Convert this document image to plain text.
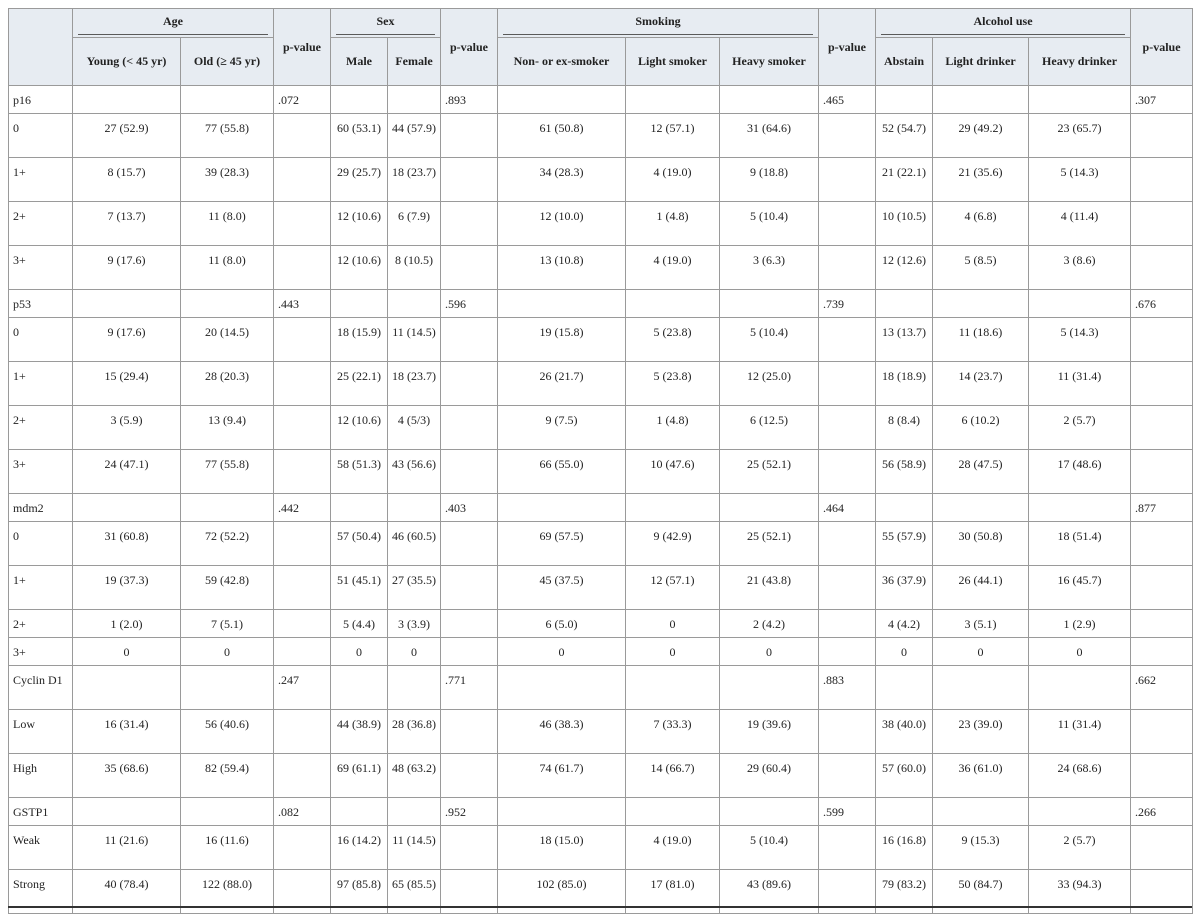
	Age		p-value	Sex		p-value	Smoking			p-value	Alcohol use			p-value
	Young (< 45 yr)	Old (≥ 45 yr)		Male	Female		Non- or ex-smoker	Light smoker	Heavy smoker		Abstain	Light drinker	Heavy drinker	
p16			.072			.893				.465				.307
0	27 (52.9)	77 (55.8)		60 (53.1)	44 (57.9)		61 (50.8)	12 (57.1)	31 (64.6)		52 (54.7)	29 (49.2)	23 (65.7)	
1+	8 (15.7)	39 (28.3)		29 (25.7)	18 (23.7)		34 (28.3)	4 (19.0)	9 (18.8)		21 (22.1)	21 (35.6)	5 (14.3)	
2+	7 (13.7)	11 (8.0)		12 (10.6)	6 (7.9)		12 (10.0)	1 (4.8)	5 (10.4)		10 (10.5)	4 (6.8)	4 (11.4)	
3+	9 (17.6)	11 (8.0)		12 (10.6)	8 (10.5)		13 (10.8)	4 (19.0)	3 (6.3)		12 (12.6)	5 (8.5)	3 (8.6)	
p53			.443			.596				.739				.676
0	9 (17.6)	20 (14.5)		18 (15.9)	11 (14.5)		19 (15.8)	5 (23.8)	5 (10.4)		13 (13.7)	11 (18.6)	5 (14.3)	
1+	15 (29.4)	28 (20.3)		25 (22.1)	18 (23.7)		26 (21.7)	5 (23.8)	12 (25.0)		18 (18.9)	14 (23.7)	11 (31.4)	
2+	3 (5.9)	13 (9.4)		12 (10.6)	4 (5/3)		9 (7.5)	1 (4.8)	6 (12.5)		8 (8.4)	6 (10.2)	2 (5.7)	
3+	24 (47.1)	77 (55.8)		58 (51.3)	43 (56.6)		66 (55.0)	10 (47.6)	25 (52.1)		56 (58.9)	28 (47.5)	17 (48.6)	
mdm2			.442			.403				.464				.877
0	31 (60.8)	72 (52.2)		57 (50.4)	46 (60.5)		69 (57.5)	9 (42.9)	25 (52.1)		55 (57.9)	30 (50.8)	18 (51.4)	
1+	19 (37.3)	59 (42.8)		51 (45.1)	27 (35.5)		45 (37.5)	12 (57.1)	21 (43.8)		36 (37.9)	26 (44.1)	16 (45.7)	
2+	1 (2.0)	7 (5.1)		5 (4.4)	3 (3.9)		6 (5.0)	0	2 (4.2)		4 (4.2)	3 (5.1)	1 (2.9)	
3+	0	0		0	0		0	0	0		0	0	0	
Cyclin D1			.247			.771				.883				.662
Low	16 (31.4)	56 (40.6)		44 (38.9)	28 (36.8)		46 (38.3)	7 (33.3)	19 (39.6)		38 (40.0)	23 (39.0)	11 (31.4)	
High	35 (68.6)	82 (59.4)		69 (61.1)	48 (63.2)		74 (61.7)	14 (66.7)	29 (60.4)		57 (60.0)	36 (61.0)	24 (68.6)	
GSTP1			.082			.952				.599				.266
Weak	11 (21.6)	16 (11.6)		16 (14.2)	11 (14.5)		18 (15.0)	4 (19.0)	5 (10.4)		16 (16.8)	9 (15.3)	2 (5.7)	
Strong	40 (78.4)	122 (88.0)		97 (85.8)	65 (85.5)		102 (85.0)	17 (81.0)	43 (89.6)		79 (83.2)	50 (84.7)	33 (94.3)	
